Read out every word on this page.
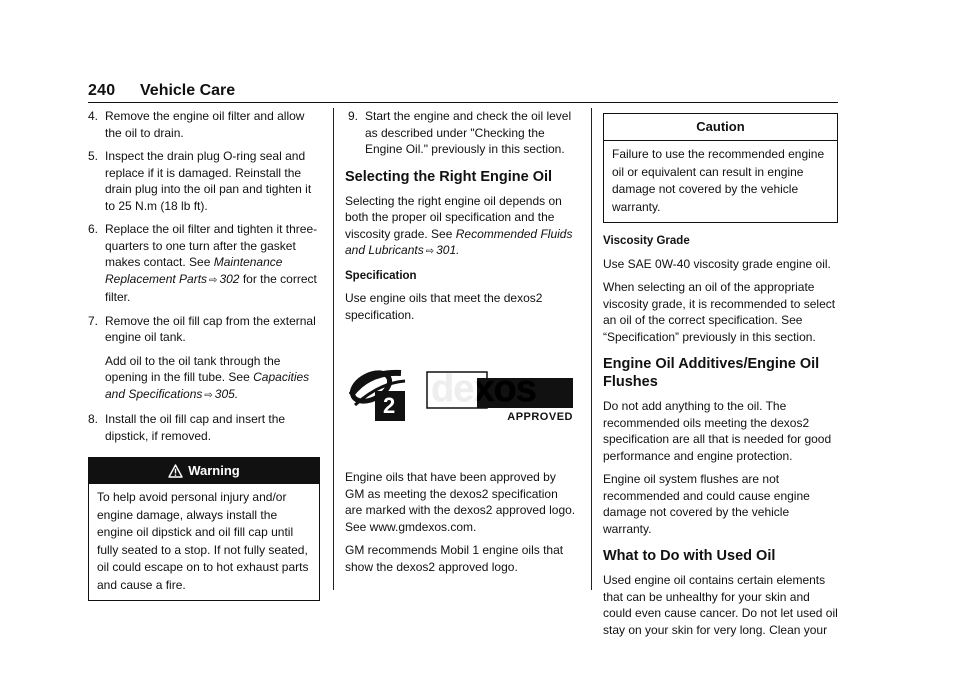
240 Vehicle Care
4. Remove the engine oil filter and allow the oil to drain.

5. Inspect the drain plug O-ring seal and replace if it is damaged. Reinstall the drain plug into the oil pan and tighten it to 25 N.m (18 lb ft).

6. Replace the oil filter and tighten it three-quarters to one turn after the gasket makes contact. See Maintenance Replacement Parts ⇨ 302 for the correct filter.

7. Remove the oil fill cap from the external engine oil tank.

Add oil to the oil tank through the opening in the fill tube. See Capacities and Specifications ⇨ 305.

8. Install the oil fill cap and insert the dipstick, if removed.

Warning
To help avoid personal injury and/or engine damage, always install the engine oil dipstick and oil fill cap until fully seated to a stop. If not fully seated, oil could escape on to hot exhaust parts and cause a fire.
9. Start the engine and check the oil level as described under "Checking the Engine Oil." previously in this section.

Selecting the Right Engine Oil

Selecting the right engine oil depends on both the proper oil specification and the viscosity grade. See Recommended Fluids and Lubricants ⇨ 301.

Specification

Use engine oils that meet the dexos2 specification.

2 dexos
APPROVED

Engine oils that have been approved by GM as meeting the dexos2 specification are marked with the dexos2 approved logo. See www.gmdexos.com.

GM recommends Mobil 1 engine oils that show the dexos2 approved logo.

Caution
Failure to use the recommended engine oil or equivalent can result in engine damage not covered by the vehicle warranty.
Viscosity Grade

Use SAE 0W-40 viscosity grade engine oil.

When selecting an oil of the appropriate viscosity grade, it is recommended to select an oil of the correct specification. See “Specification” previously in this section.

Engine Oil Additives/Engine Oil Flushes

Do not add anything to the oil. The recommended oils meeting the dexos2 specification are all that is needed for good performance and engine protection.

Engine oil system flushes are not recommended and could cause engine damage not covered by the vehicle warranty.

What to Do with Used Oil

Used engine oil contains certain elements that can be unhealthy for your skin and could even cause cancer. Do not let used oil stay on your skin for very long. Clean your
